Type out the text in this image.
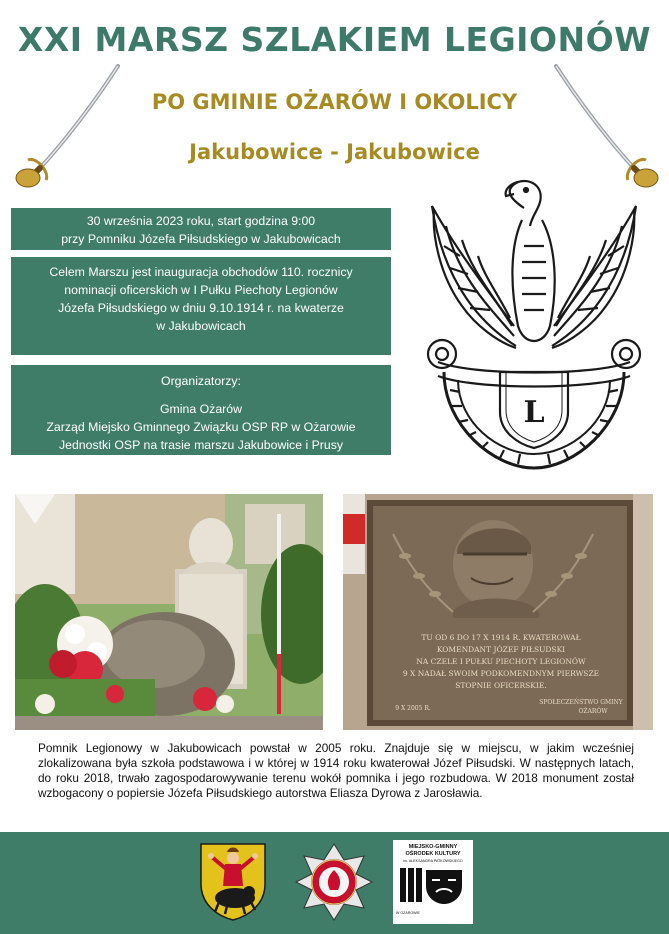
XXI MARSZ SZLAKIEM LEGIONÓW
PO GMINIE OŻARÓW I OKOLICY
Jakubowice - Jakubowice
30 września 2023 roku, start godzina 9:00
przy Pomniku Józefa Piłsudskiego w Jakubowicach
Celem Marszu jest inauguracja obchodów 110. rocznicy
nominacji oficerskich w I Pułku Piechoty Legionów
Józefa Piłsudskiego w dniu 9.10.1914 r. na kwaterze
w Jakubowicach
Organizatorzy:
Gmina Ożarów
Zarząd Miejsko Gminnego Związku OSP RP w Ożarowie
Jednostki OSP na trasie marszu Jakubowice i Prusy
L
TU OD 6 DO 17 X 1914 R. KWATEROWAŁ
KOMENDANT JÓZEF PIŁSUDSKI
NA CZELE I PUŁKU PIECHOTY LEGIONÓW
9 X NADAŁ SWOIM PODKOMENDNYM PIERWSZE
STOPNIE OFICERSKIE.
9 X 2005 R.
SPOŁECZEŃSTWO GMINY
OŻARÓW
Pomnik Legionowy w Jakubowicach powstał w 2005 roku. Znajduje się w miejscu, w jakim wcześniej zlokalizowana była szkoła podstawowa i w której w 1914 roku kwaterował Józef Piłsudski. W następnych latach, do roku 2018, trwało zagospodarowywanie terenu wokół pomnika i jego rozbudowa. W 2018 monument został wzbogacony o popiersie Józefa Piłsudskiego autorstwa Eliasza Dyrowa z Jarosławia.
MIEJSKO-GMINNY
OŚRODEK KULTURY
im. ALEKSANDRA PATKOWSKIEGO
W OŻAROWIE
